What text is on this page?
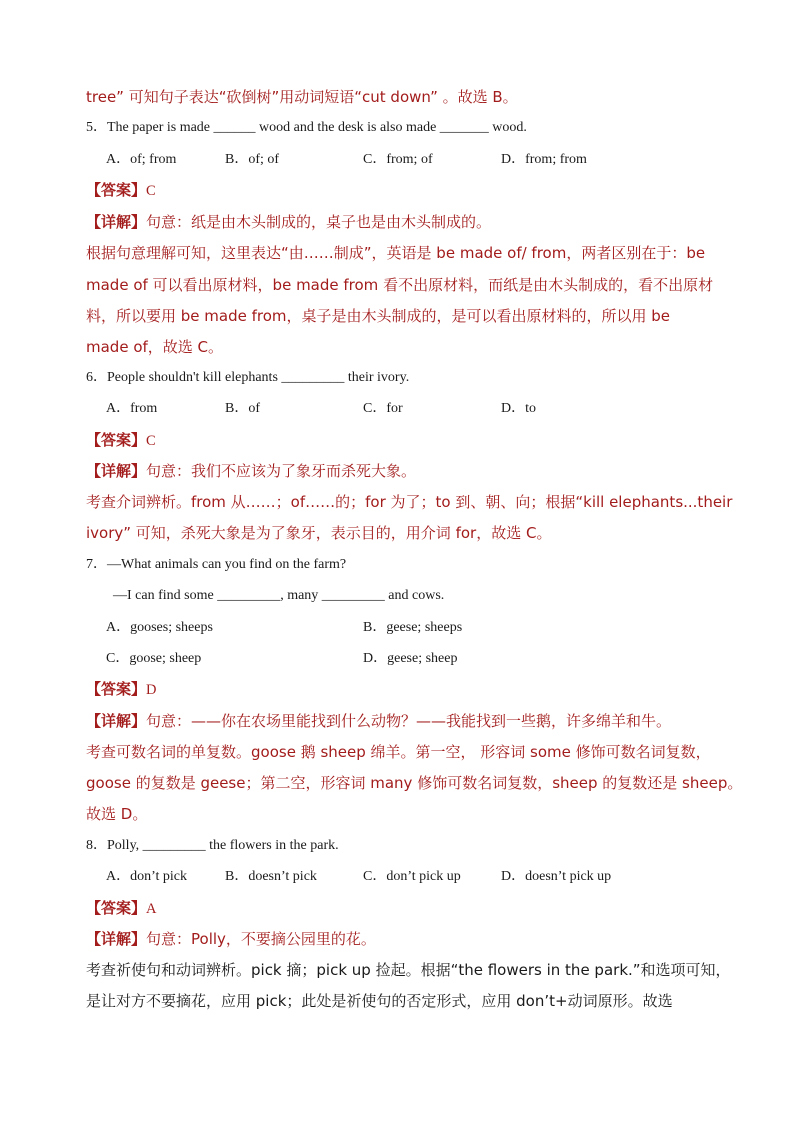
tree” 可知句子表达“砍倒树”用动词短语“cut down” 。故选 B。
5．The paper is made ______ wood and the desk is also made _______ wood.
A．of; from	B．of; of	C．from; of	D．from; from
【答案】C
【详解】句意：纸是由木头制成的，桌子也是由木头制成的。
根据句意理解可知，这里表达“由……制成”，英语是 be made of/ from，两者区别在于：be
made of 可以看出原材料，be made from 看不出原材料，而纸是由木头制成的，看不出原材
料，所以要用 be made from，桌子是由木头制成的，是可以看出原材料的，所以用 be
made of，故选 C。
6．People shouldn't kill elephants _________ their ivory.
A．from	B．of	C．for	D．to
【答案】C
【详解】句意：我们不应该为了象牙而杀死大象。
考查介词辨析。from 从……；of……的；for 为了；to 到、朝、向；根据“kill elephants...their
ivory” 可知，杀死大象是为了象牙，表示目的，用介词 for，故选 C。
7．—What animals can you find on the farm?
—I can find some _________, many _________ and cows.
A．gooses; sheeps	B．geese; sheeps
C．goose; sheep	D．geese; sheep
【答案】D
【详解】句意：——你在农场里能找到什么动物？——我能找到一些鹅，许多绵羊和牛。
考查可数名词的单复数。goose 鹅 sheep 绵羊。第一空， 形容词 some 修饰可数名词复数，
goose 的复数是 geese；第二空，形容词 many 修饰可数名词复数，sheep 的复数还是 sheep。
故选 D。
8．Polly, _________ the flowers in the park.
A．don’t pick	B．doesn’t pick	C．don’t pick up	D．doesn’t pick up
【答案】A
【详解】句意：Polly，不要摘公园里的花。
考查祈使句和动词辨析。pick 摘；pick up 捡起。根据“the flowers in the park.”和选项可知，
是让对方不要摘花，应用 pick；此处是祈使句的否定形式，应用 don’t+动词原形。故选
